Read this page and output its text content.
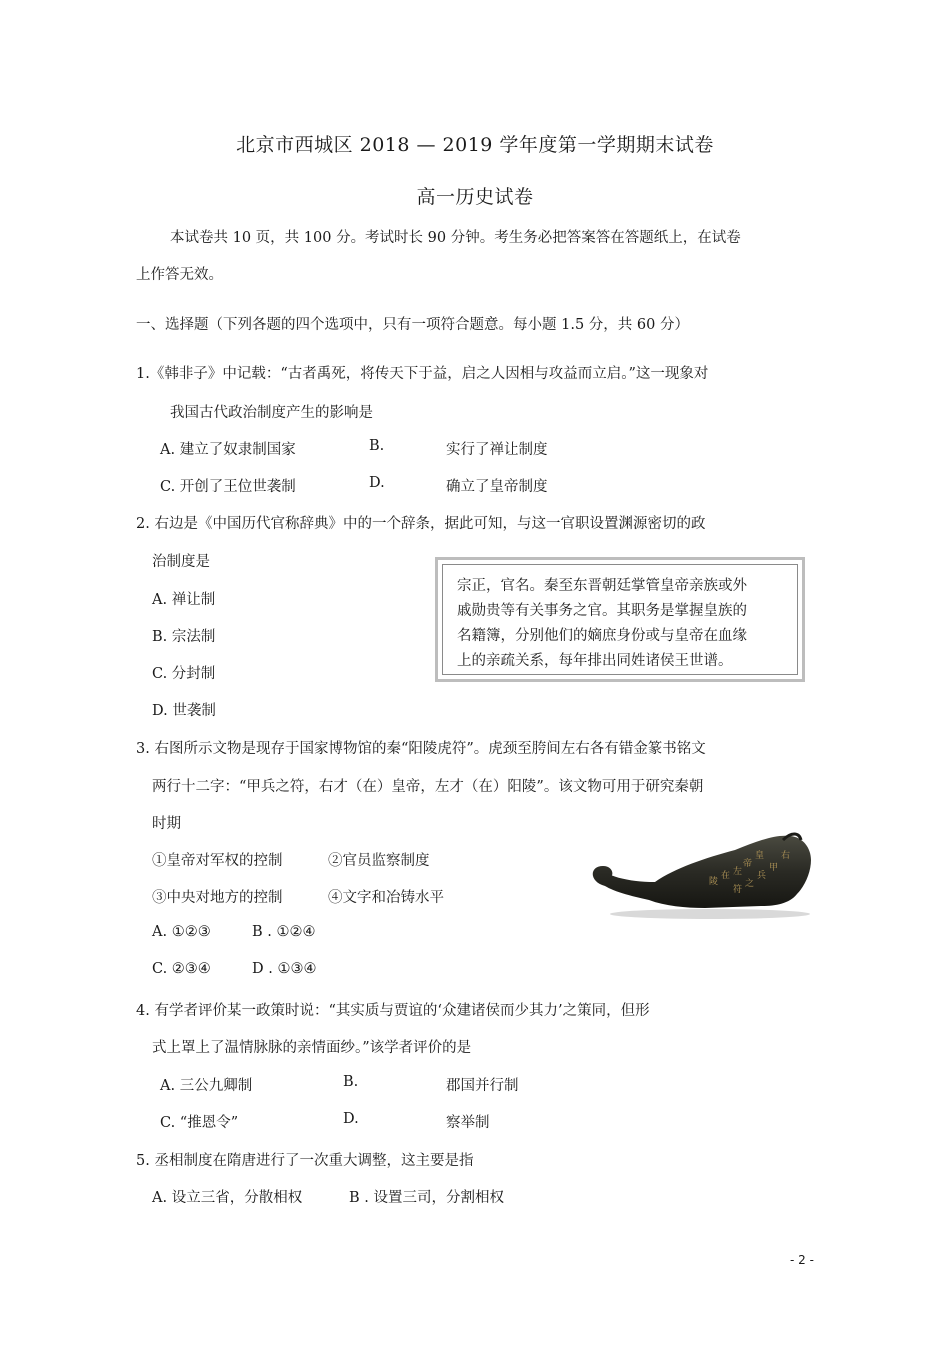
北京市西城区 2018 — 2019 学年度第一学期期末试卷
高一历史试卷
本试卷共 10 页，共 100 分。考试时长 90 分钟。考生务必把答案答在答题纸上，在试卷
上作答无效。
一、选择题（下列各题的四个选项中，只有一项符合题意。每小题 1.5 分，共 60 分）
1.《韩非子》中记载：“古者禹死，将传天下于益，启之人因相与攻益而立启。”这一现象对
我国古代政治制度产生的影响是
A. 建立了奴隶制国家	B.	实行了禅让制度
C. 开创了王位世袭制	D.	确立了皇帝制度
2. 右边是《中国历代官称辞典》中的一个辞条，据此可知，与这一官职设置渊源密切的政
治制度是
A. 禅让制
B. 宗法制
C. 分封制
D. 世袭制
宗正，官名。秦至东晋朝廷掌管皇帝亲族或外
戚勋贵等有关事务之官。其职务是掌握皇族的
名籍簿，分别他们的嫡庶身份或与皇帝在血缘
上的亲疏关系，每年排出同姓诸侯王世谱。
3. 右图所示文物是现存于国家博物馆的秦“阳陵虎符”。虎颈至胯间左右各有错金篆书铭文
两行十二字：“甲兵之符，右才（在）皇帝，左才（在）阳陵”。该文物可用于研究秦朝
时期
①皇帝对军权的控制	②官员监察制度
③中央对地方的控制	④文字和冶铸水平
A. ①②③	B . ①②④
C. ②③④	D . ①③④
皇
帝
左
在
陵
甲
兵
之
符
右
4. 有学者评价某一政策时说：“其实质与贾谊的‘众建诸侯而少其力’之策同，但形
式上罩上了温情脉脉的亲情面纱。”该学者评价的是
A. 三公九卿制	B.	郡国并行制
C. “推恩令”	D.	察举制
5. 丞相制度在隋唐进行了一次重大调整，这主要是指
A. 设立三省，分散相权	B . 设置三司，分割相权
- 2 -
